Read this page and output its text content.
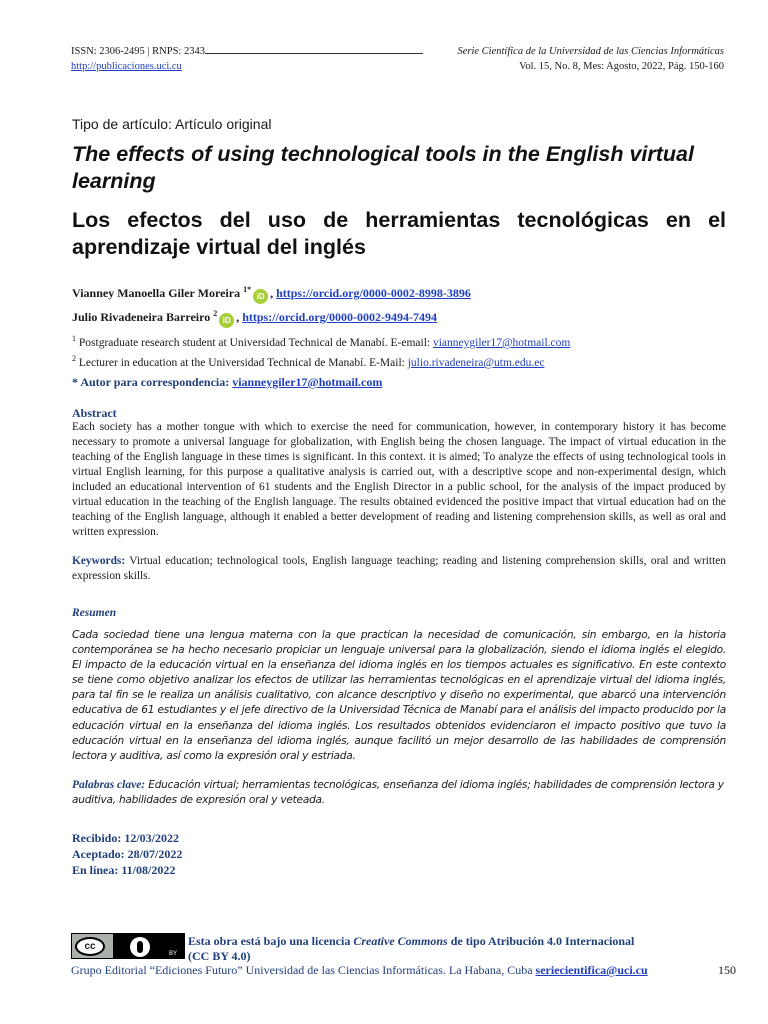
ISSN: 2306-2495 | RNPS: 2343
http://publicaciones.uci.cu
Serie Científica de la Universidad de las Ciencias Informáticas
Vol. 15, No. 8, Mes: Agosto, 2022, Pág. 150-160
Tipo de artículo: Artículo original
The effects of using technological tools in the English virtual learning
Los efectos del uso de herramientas tecnológicas en el aprendizaje virtual del inglés
Vianney Manoella Giler Moreira $^{1*}$iD , https://orcid.org/0000-0002-8998-3896
Julio Rivadeneira Barreiro $^2$iD , https://orcid.org/0000-0002-9494-7494
$^1$ Postgraduate research student at Universidad Technical de Manabí. E-email: vianneygiler17@hotmail.com
$^2$ Lecturer in education at the Universidad Technical de Manabí. E-Mail: julio.rivadeneira@utm.edu.ec
* Autor para correspondencia: vianneygiler17@hotmail.com
Abstract
Each society has a mother tongue with which to exercise the need for communication, however, in contemporary history it has become necessary to promote a universal language for globalization, with English being the chosen language. The impact of virtual education in the teaching of the English language in these times is significant. In this context. it is aimed; To analyze the effects of using technological tools in virtual English learning, for this purpose a qualitative analysis is carried out, with a descriptive scope and non-experimental design, which included an educational intervention of 61 students and the English Director in a public school, for the analysis of the impact produced by virtual education in the teaching of the English language. The results obtained evidenced the positive impact that virtual education had on the teaching of the English language, although it enabled a better development of reading and listening comprehension skills, as well as oral and written expression.
Keywords: Virtual education; technological tools, English language teaching; reading and listening comprehension skills, oral and written expression skills.
Resumen
Cada sociedad tiene una lengua materna con la que practican la necesidad de comunicación, sin embargo, en la historia contemporánea se ha hecho necesario propiciar un lenguaje universal para la globalización, siendo el idioma inglés el elegido. El impacto de la educación virtual en la enseñanza del idioma inglés en los tiempos actuales es significativo. En este contexto se tiene como objetivo analizar los efectos de utilizar las herramientas tecnológicas en el aprendizaje virtual del idioma inglés, para tal fin se le realiza un análisis cualitativo, con alcance descriptivo y diseño no experimental, que abarcó una intervención educativa de 61 estudiantes y el jefe directivo de la Universidad Técnica de Manabí para el análisis del impacto producido por la educación virtual en la enseñanza del idioma inglés. Los resultados obtenidos evidenciaron el impacto positivo que tuvo la educación virtual en la enseñanza del idioma inglés, aunque facilitó un mejor desarrollo de las habilidades de comprensión lectora y auditiva, así como la expresión oral y estriada.
Palabras clave: Educación virtual; herramientas tecnológicas, enseñanza del idioma inglés; habilidades de comprensión lectora y auditiva, habilidades de expresión oral y veteada.
Recibido: 12/03/2022
Aceptado: 28/07/2022
En línea: 11/08/2022
cc
BY
Esta obra está bajo una licencia Creative Commons de tipo Atribución 4.0 Internacional
(CC BY 4.0)
Grupo Editorial “Ediciones Futuro” Universidad de las Ciencias Informáticas. La Habana, Cuba seriecientifica@uci.cu	150
